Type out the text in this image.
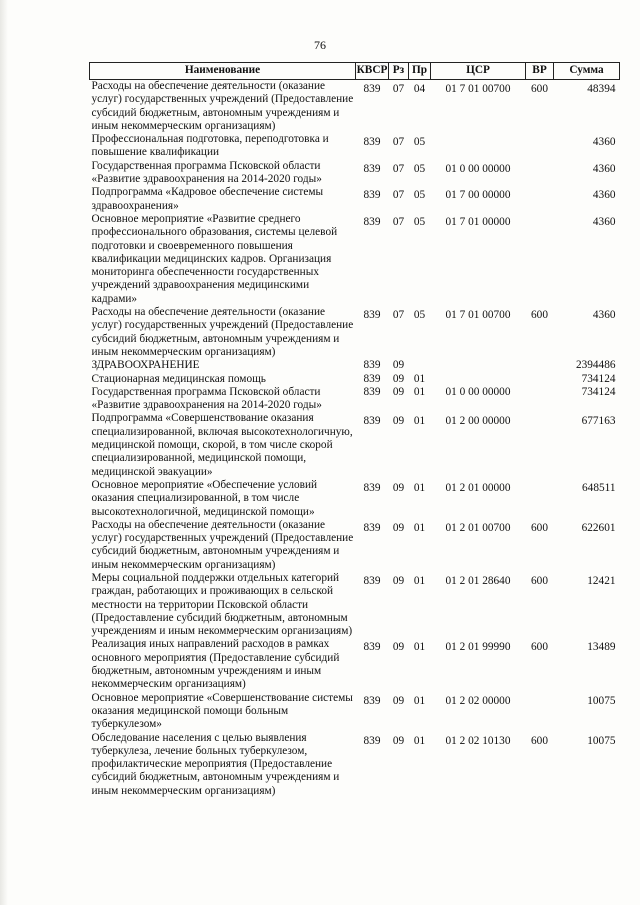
76
Наименование	КВСР	Рз	Пр	ЦСР	ВР	Сумма
Расходы на обеспечение деятельности (оказание услуг) государственных учреждений (Предоставление субсидий бюджетным, автономным учреждениям и иным некоммерческим организациям)	839	07	04	01 7 01 00700	600	48394
Профессиональная подготовка, переподготовка и повышение квалификации	839	07	05			4360
Государственная программа Псковской области «Развитие здравоохранения на 2014-2020 годы»	839	07	05	01 0 00 00000		4360
Подпрограмма «Кадровое обеспечение системы здравоохранения»	839	07	05	01 7 00 00000		4360
Основное мероприятие «Развитие среднего профессионального образования, системы целевой подготовки и своевременного повышения квалификации медицинских кадров. Организация мониторинга обеспеченности государственных учреждений здравоохранения медицинскими кадрами»	839	07	05	01 7 01 00000		4360
Расходы на обеспечение деятельности (оказание услуг) государственных учреждений (Предоставление субсидий бюджетным, автономным учреждениям и иным некоммерческим организациям)	839	07	05	01 7 01 00700	600	4360
ЗДРАВООХРАНЕНИЕ	839	09				2394486
Стационарная медицинская помощь	839	09	01			734124
Государственная программа Псковской области «Развитие здравоохранения на 2014-2020 годы»	839	09	01	01 0 00 00000		734124
Подпрограмма «Совершенствование оказания специализированной, включая высокотехнологичную, медицинской помощи, скорой, в том числе скорой специализированной, медицинской помощи, медицинской эвакуации»	839	09	01	01 2 00 00000		677163
Основное мероприятие «Обеспечение условий оказания специализированной, в том числе высокотехнологичной, медицинской помощи»	839	09	01	01 2 01 00000		648511
Расходы на обеспечение деятельности (оказание услуг) государственных учреждений (Предоставление субсидий бюджетным, автономным учреждениям и иным некоммерческим организациям)	839	09	01	01 2 01 00700	600	622601
Меры социальной поддержки отдельных категорий граждан, работающих и проживающих в сельской местности на территории Псковской области (Предоставление субсидий бюджетным, автономным учреждениям и иным некоммерческим организациям)	839	09	01	01 2 01 28640	600	12421
Реализация иных направлений расходов в рамках основного мероприятия (Предоставление субсидий бюджетным, автономным учреждениям и иным некоммерческим организациям)	839	09	01	01 2 01 99990	600	13489
Основное мероприятие «Совершенствование системы оказания медицинской помощи больным туберкулезом»	839	09	01	01 2 02 00000		10075
Обследование населения с целью выявления туберкулеза, лечение больных туберкулезом, профилактические мероприятия (Предоставление субсидий бюджетным, автономным учреждениям и иным некоммерческим организациям)	839	09	01	01 2 02 10130	600	10075
